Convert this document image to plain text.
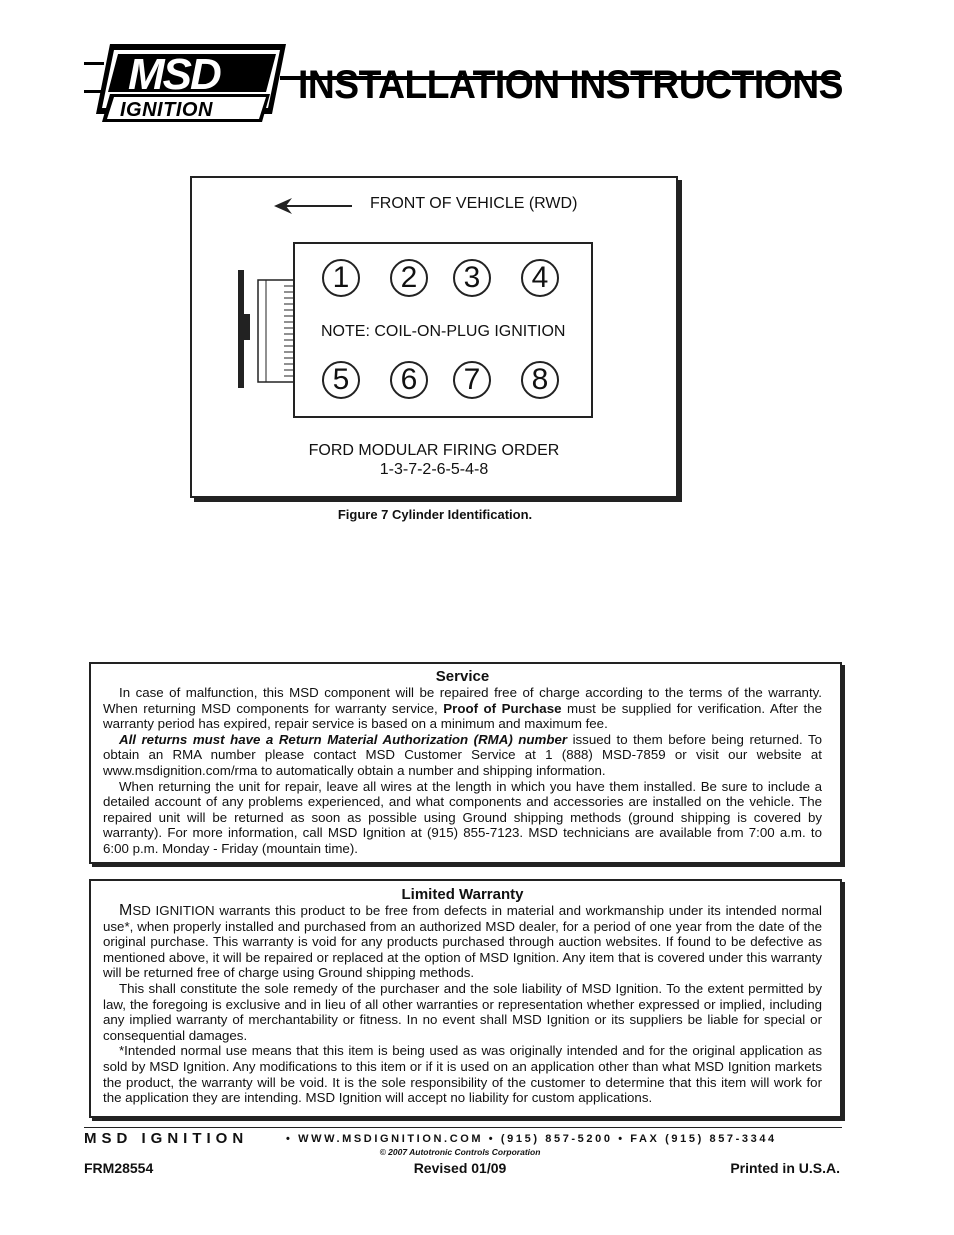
MSD
IGNITION
INSTALLATION INSTRUCTIONS
FRONT OF VEHICLE (RWD)
1	2	3	4
NOTE: COIL-ON-PLUG IGNITION
5	6	7	8
FORD MODULAR FIRING ORDER
1-3-7-2-6-5-4-8
Figure 7 Cylinder Identification.
Service

In case of malfunction, this MSD component will be repaired free of charge according to the terms of the warranty. When returning MSD components for warranty service, Proof of Purchase must be supplied for verification. After the warranty period has expired, repair service is based on a minimum and maximum fee.

All returns must have a Return Material Authorization (RMA) number issued to them before being returned. To obtain an RMA number please contact MSD Customer Service at 1 (888) MSD-7859 or visit our website at www.msdignition.com/rma to automatically obtain a number and shipping information.

When returning the unit for repair, leave all wires at the length in which you have them installed. Be sure to include a detailed account of any problems experienced, and what components and accessories are installed on the vehicle. The repaired unit will be returned as soon as possible using Ground shipping methods (ground shipping is covered by warranty). For more information, call MSD Ignition at (915) 855-7123. MSD technicians are available from 7:00 a.m. to 6:00 p.m. Monday - Friday (mountain time).

Limited Warranty

MSD IGNITION warrants this product to be free from defects in material and workmanship under its intended normal use*, when properly installed and purchased from an authorized MSD dealer, for a period of one year from the date of the original purchase. This warranty is void for any products purchased through auction websites. If found to be defective as mentioned above, it will be repaired or replaced at the option of MSD Ignition. Any item that is covered under this warranty will be returned free of charge using Ground shipping methods.

This shall constitute the sole remedy of the purchaser and the sole liability of MSD Ignition. To the extent permitted by law, the foregoing is exclusive and in lieu of all other warranties or representation whether expressed or implied, including any implied warranty of merchantability or fitness. In no event shall MSD Ignition or its suppliers be liable for special or consequential damages.

*Intended normal use means that this item is being used as was originally intended and for the original application as sold by MSD Ignition. Any modifications to this item or if it is used on an application other than what MSD Ignition markets the product, the warranty will be void. It is the sole responsibility of the customer to determine that this item will work for the application they are intending. MSD Ignition will accept no liability for custom applications.

MSD IGNITION	• WWW.MSDIGNITION.COM • (915) 857-5200 • FAX (915) 857-3344
© 2007 Autotronic Controls Corporation
FRM28554	Revised 01/09	Printed in U.S.A.
